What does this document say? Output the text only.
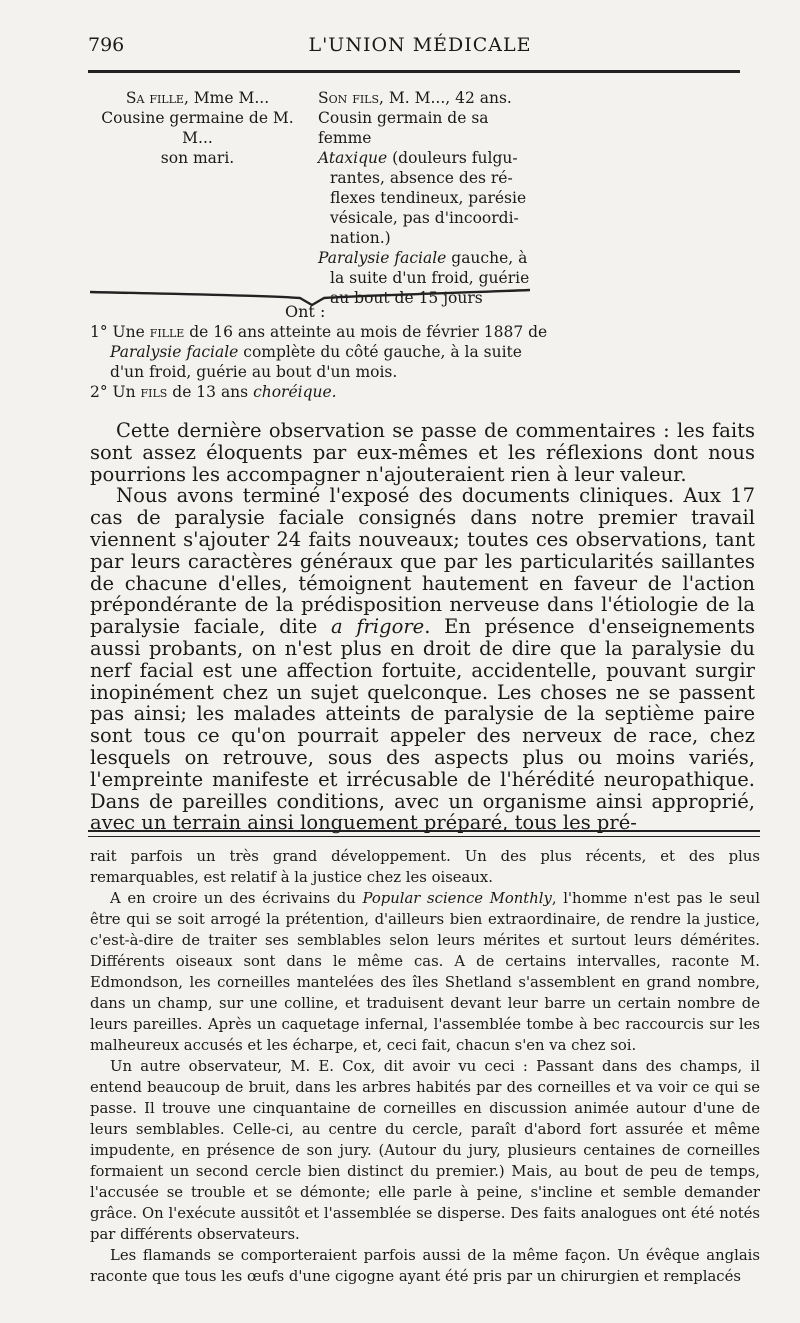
796	L'UNION MÉDICALE
Sa fille, Mme M...
Cousine germaine de M. M...
son mari.
Son fils, M. M..., 42 ans.
Cousin germain de sa femme
Ataxique (douleurs fulgu-
rantes, absence des ré-
flexes tendineux, parésie
vésicale, pas d'incoordi-
nation.)
Paralysie faciale gauche, à
la suite d'un froid, guérie
au bout de 15 jours
Ont :
1° Une fille de 16 ans atteinte au mois de février 1887 de
Paralysie faciale complète du côté gauche, à la suite
d'un froid, guérie au bout d'un mois.
2° Un fils de 13 ans choréique.

Cette dernière observation se passe de commentaires : les faits sont assez éloquents par eux-mêmes et les réflexions dont nous pourrions les accompagner n'ajouteraient rien à leur valeur.

Nous avons terminé l'exposé des documents cliniques. Aux 17 cas de paralysie faciale consignés dans notre premier travail viennent s'ajouter 24 faits nouveaux; toutes ces observations, tant par leurs caractères généraux que par les particularités saillantes de chacune d'elles, témoignent hautement en faveur de l'action prépondérante de la prédisposition nerveuse dans l'étiologie de la paralysie faciale, dite a frigore. En présence d'enseignements aussi probants, on n'est plus en droit de dire que la paralysie du nerf facial est une affection fortuite, accidentelle, pouvant surgir inopinément chez un sujet quelconque. Les choses ne se passent pas ainsi; les malades atteints de paralysie de la septième paire sont tous ce qu'on pourrait appeler des nerveux de race, chez lesquels on retrouve, sous des aspects plus ou moins variés, l'empreinte manifeste et irrécusable de l'hérédité neuropathique. Dans de pareilles conditions, avec un organisme ainsi approprié, avec un terrain ainsi longuement préparé, tous les pré-

rait parfois un très grand développement. Un des plus récents, et des plus remarquables, est relatif à la justice chez les oiseaux.

A en croire un des écrivains du Popular science Monthly, l'homme n'est pas le seul être qui se soit arrogé la prétention, d'ailleurs bien extraordinaire, de rendre la justice, c'est-à-dire de traiter ses semblables selon leurs mérites et surtout leurs démérites. Différents oiseaux sont dans le même cas. A de certains intervalles, raconte M. Edmondson, les corneilles mantelées des îles Shetland s'assemblent en grand nombre, dans un champ, sur une colline, et traduisent devant leur barre un certain nombre de leurs pareilles. Après un caquetage infernal, l'assemblée tombe à bec raccourcis sur les malheureux accusés et les écharpe, et, ceci fait, chacun s'en va chez soi.

Un autre observateur, M. E. Cox, dit avoir vu ceci : Passant dans des champs, il entend beaucoup de bruit, dans les arbres habités par des corneilles et va voir ce qui se passe. Il trouve une cinquantaine de corneilles en discussion animée autour d'une de leurs semblables. Celle-ci, au centre du cercle, paraît d'abord fort assurée et même impudente, en présence de son jury. (Autour du jury, plusieurs centaines de corneilles formaient un second cercle bien distinct du premier.) Mais, au bout de peu de temps, l'accusée se trouble et se démonte; elle parle à peine, s'incline et semble demander grâce. On l'exécute aussitôt et l'assemblée se disperse. Des faits analogues ont été notés par différents observateurs.

Les flamands se comporteraient parfois aussi de la même façon. Un évêque anglais raconte que tous les œufs d'une cigogne ayant été pris par un chirurgien et remplacés
